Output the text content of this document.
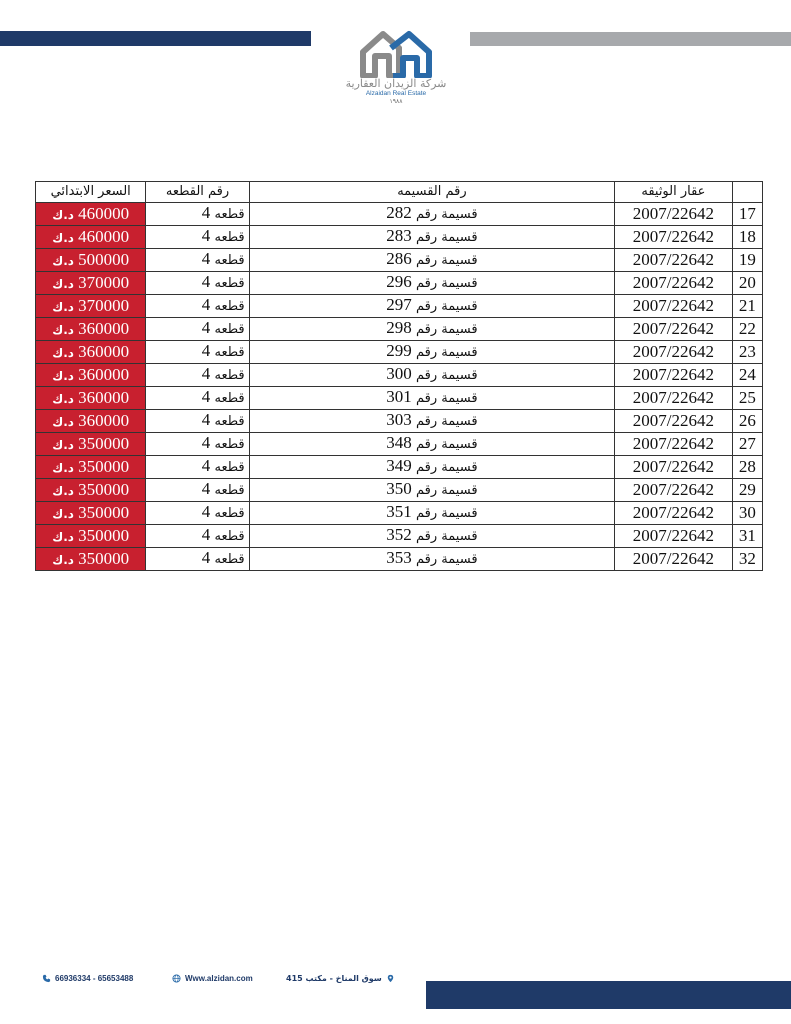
شركة الزيدان العقارية
Alzaidan Real Estate
١٩٨٨
	عقار الوثيقه	رقم القسيمه	رقم القطعه	السعر الابتدائي
17	2007/22642	قسيمة رقم 282	قطعه 4	460000 د.ك
18	2007/22642	قسيمة رقم 283	قطعه 4	460000 د.ك
19	2007/22642	قسيمة رقم 286	قطعه 4	500000 د.ك
20	2007/22642	قسيمة رقم 296	قطعه 4	370000 د.ك
21	2007/22642	قسيمة رقم 297	قطعه 4	370000 د.ك
22	2007/22642	قسيمة رقم 298	قطعه 4	360000 د.ك
23	2007/22642	قسيمة رقم 299	قطعه 4	360000 د.ك
24	2007/22642	قسيمة رقم 300	قطعه 4	360000 د.ك
25	2007/22642	قسيمة رقم 301	قطعه 4	360000 د.ك
26	2007/22642	قسيمة رقم 303	قطعه 4	360000 د.ك
27	2007/22642	قسيمة رقم 348	قطعه 4	350000 د.ك
28	2007/22642	قسيمة رقم 349	قطعه 4	350000 د.ك
29	2007/22642	قسيمة رقم 350	قطعه 4	350000 د.ك
30	2007/22642	قسيمة رقم 351	قطعه 4	350000 د.ك
31	2007/22642	قسيمة رقم 352	قطعه 4	350000 د.ك
32	2007/22642	قسيمة رقم 353	قطعه 4	350000 د.ك
66936334 - 65653488	Www.alzidan.com	سوق المناخ - مكتب 415
